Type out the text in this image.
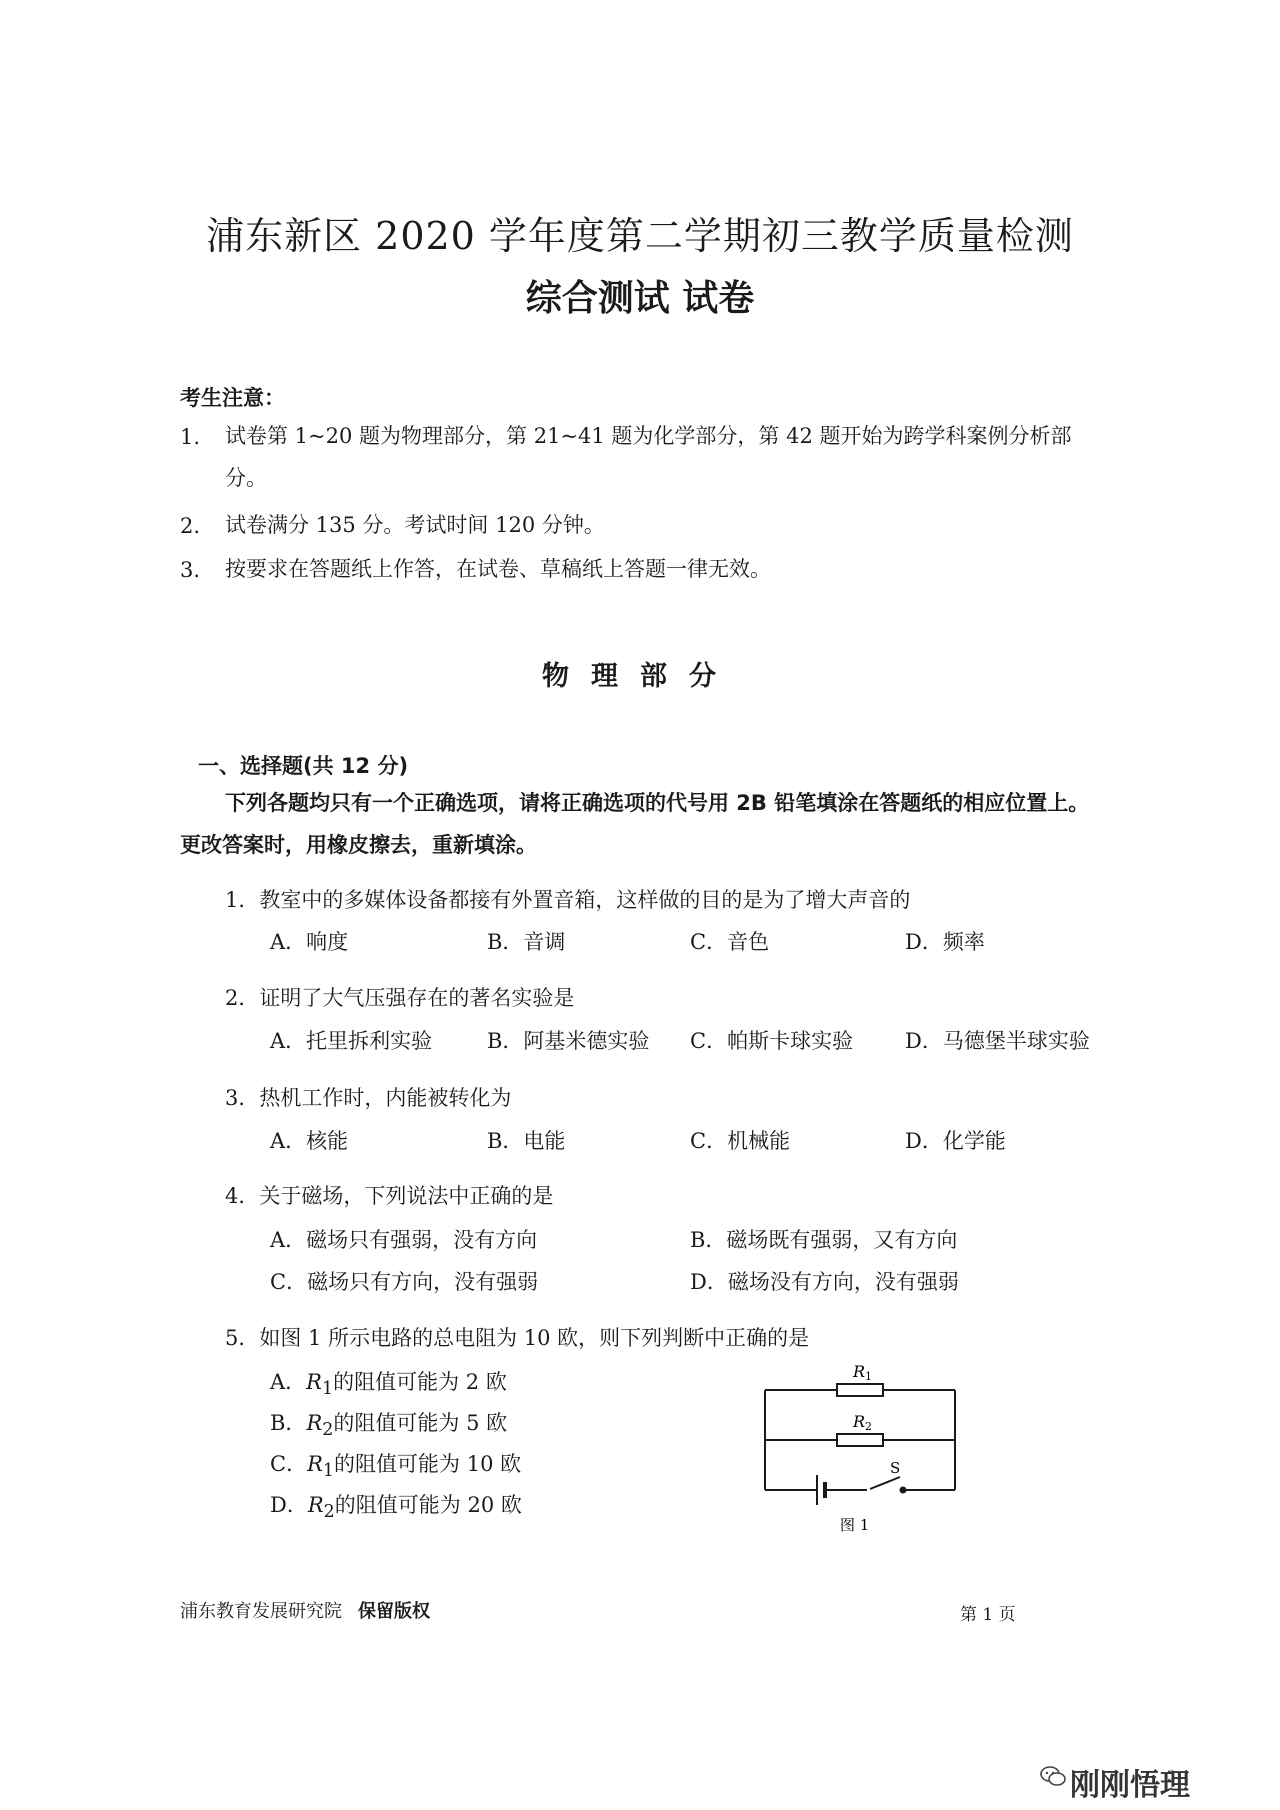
浦东新区 2020 学年度第二学期初三教学质量检测
综合测试 试卷
考生注意：
1. 试卷第 1~20 题为物理部分，第 21~41 题为化学部分，第 42 题开始为跨学科案例分析部分。
2. 试卷满分 135 分。考试时间 120 分钟。
3. 按要求在答题纸上作答，在试卷、草稿纸上答题一律无效。
物理部分
一、选择题(共 12 分)
下列各题均只有一个正确选项，请将正确选项的代号用 2B 铅笔填涂在答题纸的相应位置上。更改答案时，用橡皮擦去，重新填涂。
1．教室中的多媒体设备都接有外置音箱，这样做的目的是为了增大声音的
A．响度	B．音调	C．音色	D．频率
2．证明了大气压强存在的著名实验是
A．托里拆利实验	B．阿基米德实验 C．帕斯卡球实验 D．马德堡半球实验
3．热机工作时，内能被转化为
A．核能	B．电能	C．机械能	D．化学能
4．关于磁场，下列说法中正确的是
A．磁场只有强弱，没有方向	B．磁场既有强弱，又有方向
C．磁场只有方向，没有强弱	D．磁场没有方向，没有强弱
5．如图 1 所示电路的总电阻为 10 欧，则下列判断中正确的是
A．$R_1$的阻值可能为 2 欧
B．$R_2$的阻值可能为 5 欧
C．$R_1$的阻值可能为 10 欧
D．$R_2$的阻值可能为 20 欧
R1
R2
S
图 1
浦东教育发展研究院 保留版权	第 1 页
刚刚悟理
